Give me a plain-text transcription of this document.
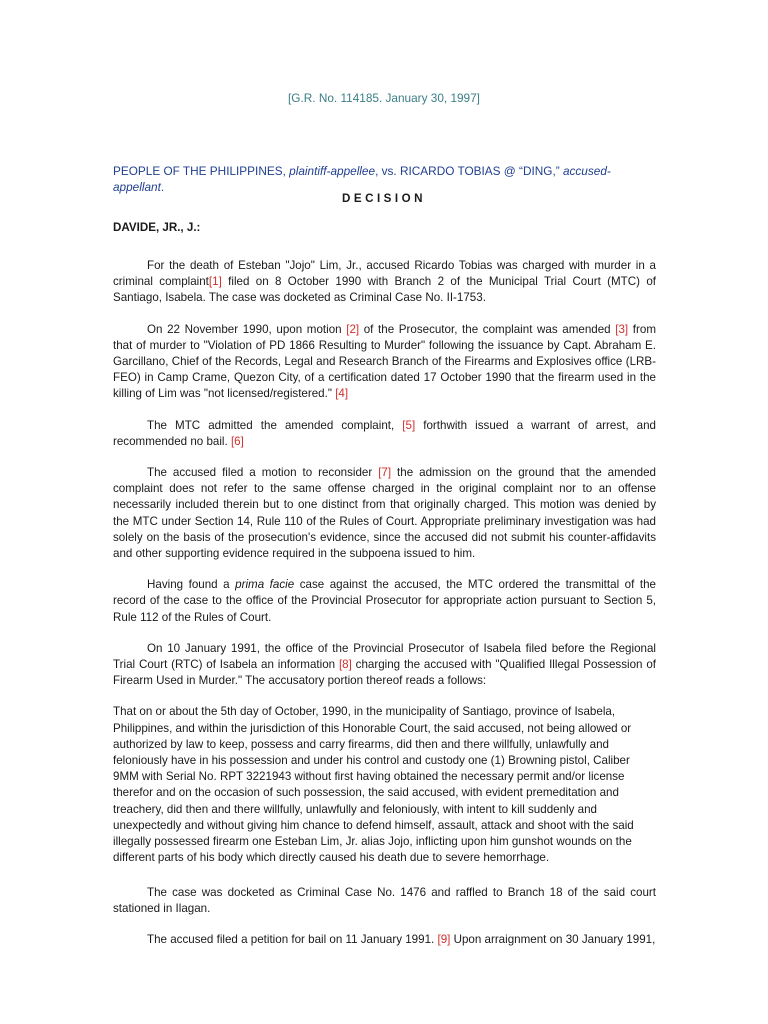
[G.R. No. 114185. January 30, 1997]
PEOPLE OF THE PHILIPPINES, plaintiff-appellee, vs. RICARDO TOBIAS @ “DING,” accused-appellant.
DECISION
DAVIDE, JR., J.:

For the death of Esteban "Jojo" Lim, Jr., accused Ricardo Tobias was charged with murder in a criminal complaint[1] filed on 8 October 1990 with Branch 2 of the Municipal Trial Court (MTC) of Santiago, Isabela. The case was docketed as Criminal Case No. II-1753.

On 22 November 1990, upon motion [2] of the Prosecutor, the complaint was amended [3] from that of murder to "Violation of PD 1866 Resulting to Murder" following the issuance by Capt. Abraham E. Garcillano, Chief of the Records, Legal and Research Branch of the Firearms and Explosives office (LRB-FEO) in Camp Crame, Quezon City, of a certification dated 17 October 1990 that the firearm used in the killing of Lim was "not licensed/registered." [4]

The MTC admitted the amended complaint, [5] forthwith issued a warrant of arrest, and recommended no bail. [6]

The accused filed a motion to reconsider [7] the admission on the ground that the amended complaint does not refer to the same offense charged in the original complaint nor to an offense necessarily included therein but to one distinct from that originally charged. This motion was denied by the MTC under Section 14, Rule 110 of the Rules of Court. Appropriate preliminary investigation was had solely on the basis of the prosecution's evidence, since the accused did not submit his counter-affidavits and other supporting evidence required in the subpoena issued to him.

Having found a prima facie case against the accused, the MTC ordered the transmittal of the record of the case to the office of the Provincial Prosecutor for appropriate action pursuant to Section 5, Rule 112 of the Rules of Court.

On 10 January 1991, the office of the Provincial Prosecutor of Isabela filed before the Regional Trial Court (RTC) of Isabela an information [8] charging the accused with "Qualified Illegal Possession of Firearm Used in Murder." The accusatory portion thereof reads a follows:

That on or about the 5th day of October, 1990, in the municipality of Santiago, province of Isabela, Philippines, and within the jurisdiction of this Honorable Court, the said accused, not being allowed or authorized by law to keep, possess and carry firearms, did then and there willfully, unlawfully and feloniously have in his possession and under his control and custody one (1) Browning pistol, Caliber 9MM with Serial No. RPT 3221943 without first having obtained the necessary permit and/or license therefor and on the occasion of such possession, the said accused, with evident premeditation and treachery, did then and there willfully, unlawfully and feloniously, with intent to kill suddenly and unexpectedly and without giving him chance to defend himself, assault, attack and shoot with the said illegally possessed firearm one Esteban Lim, Jr. alias Jojo, inflicting upon him gunshot wounds on the different parts of his body which directly caused his death due to severe hemorrhage.

The case was docketed as Criminal Case No. 1476 and raffled to Branch 18 of the said court stationed in Ilagan.

The accused filed a petition for bail on 11 January 1991. [9] Upon arraignment on 30 January 1991,
